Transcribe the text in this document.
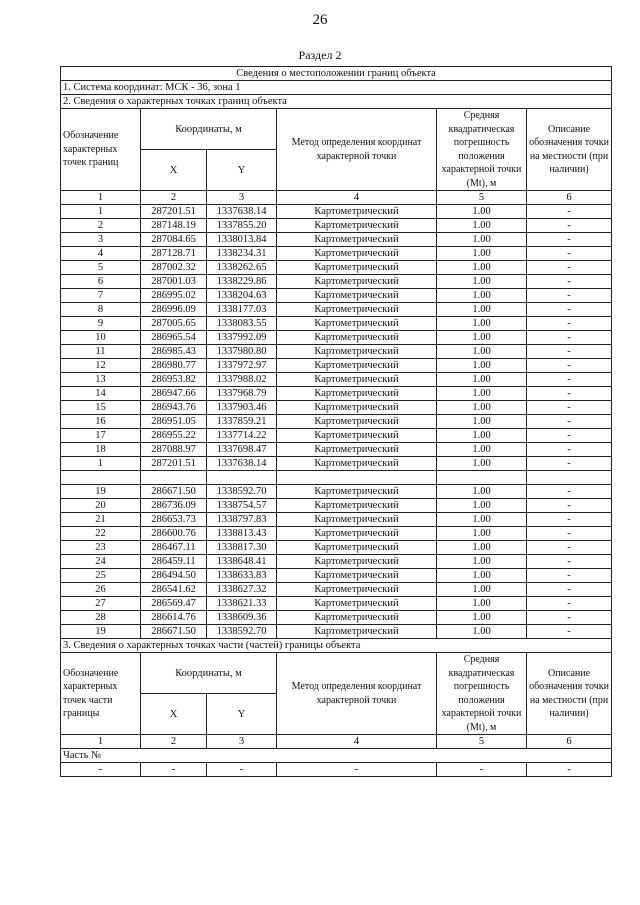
26
Раздел 2
Сведения о местоположении границ объекта					
1. Система координат: МСК - 36, зона 1					
2. Сведения о характерных точках границ объекта					
Обозначение характерных точек границ	Координаты, м		Метод определения координат характерной точки	Средняя квадратическая погрешность положения характерной точки (Mt), м	Описание обозначения точки на местности (при наличии)
	X	Y			
1	2	3	4	5	6
1	287201.51	1337638.14	Картометрический	1.00	-
2	287148.19	1337855.20	Картометрический	1.00	-
3	287084.65	1338013.84	Картометрический	1.00	-
4	287128.71	1338234.31	Картометрический	1.00	-
5	287002.32	1338262.65	Картометрический	1.00	-
6	287001.03	1338229.86	Картометрический	1.00	-
7	286995.02	1338204.63	Картометрический	1.00	-
8	286996.09	1338177.03	Картометрический	1.00	-
9	287005.65	1338083.55	Картометрический	1.00	-
10	286965.54	1337992.09	Картометрический	1.00	-
11	286985.43	1337980.80	Картометрический	1.00	-
12	286980.77	1337972.97	Картометрический	1.00	-
13	286953.82	1337988.02	Картометрический	1.00	-
14	286947.66	1337968.79	Картометрический	1.00	-
15	286943.76	1337903.46	Картометрический	1.00	-
16	286951.05	1337859.21	Картометрический	1.00	-
17	286955.22	1337714.22	Картометрический	1.00	-
18	287088.97	1337698.47	Картометрический	1.00	-
1	287201.51	1337638.14	Картометрический	1.00	-

19	286671.50	1338592.70	Картометрический	1.00	-
20	286736.09	1338754.57	Картометрический	1.00	-
21	286653.73	1338797.83	Картометрический	1.00	-
22	286600.76	1338813.43	Картометрический	1.00	-
23	286467.11	1338817.30	Картометрический	1.00	-
24	286459.11	1338648.41	Картометрический	1.00	-
25	286494.50	1338633.83	Картометрический	1.00	-
26	286541.62	1338627.32	Картометрический	1.00	-
27	286569.47	1338621.33	Картометрический	1.00	-
28	286614.76	1338609.36	Картометрический	1.00	-
19	286671.50	1338592.70	Картометрический	1.00	-
3. Сведения о характерных точках части (частей) границы объекта					
Обозначение характерных точек части границы	Координаты, м		Метод определения координат характерной точки	Средняя квадратическая погрешность положения характерной точки (Mt), м	Описание обозначения точки на местности (при наличии)
	X	Y			
1	2	3	4	5	6
Часть №					
-	-	-	-	-	-
